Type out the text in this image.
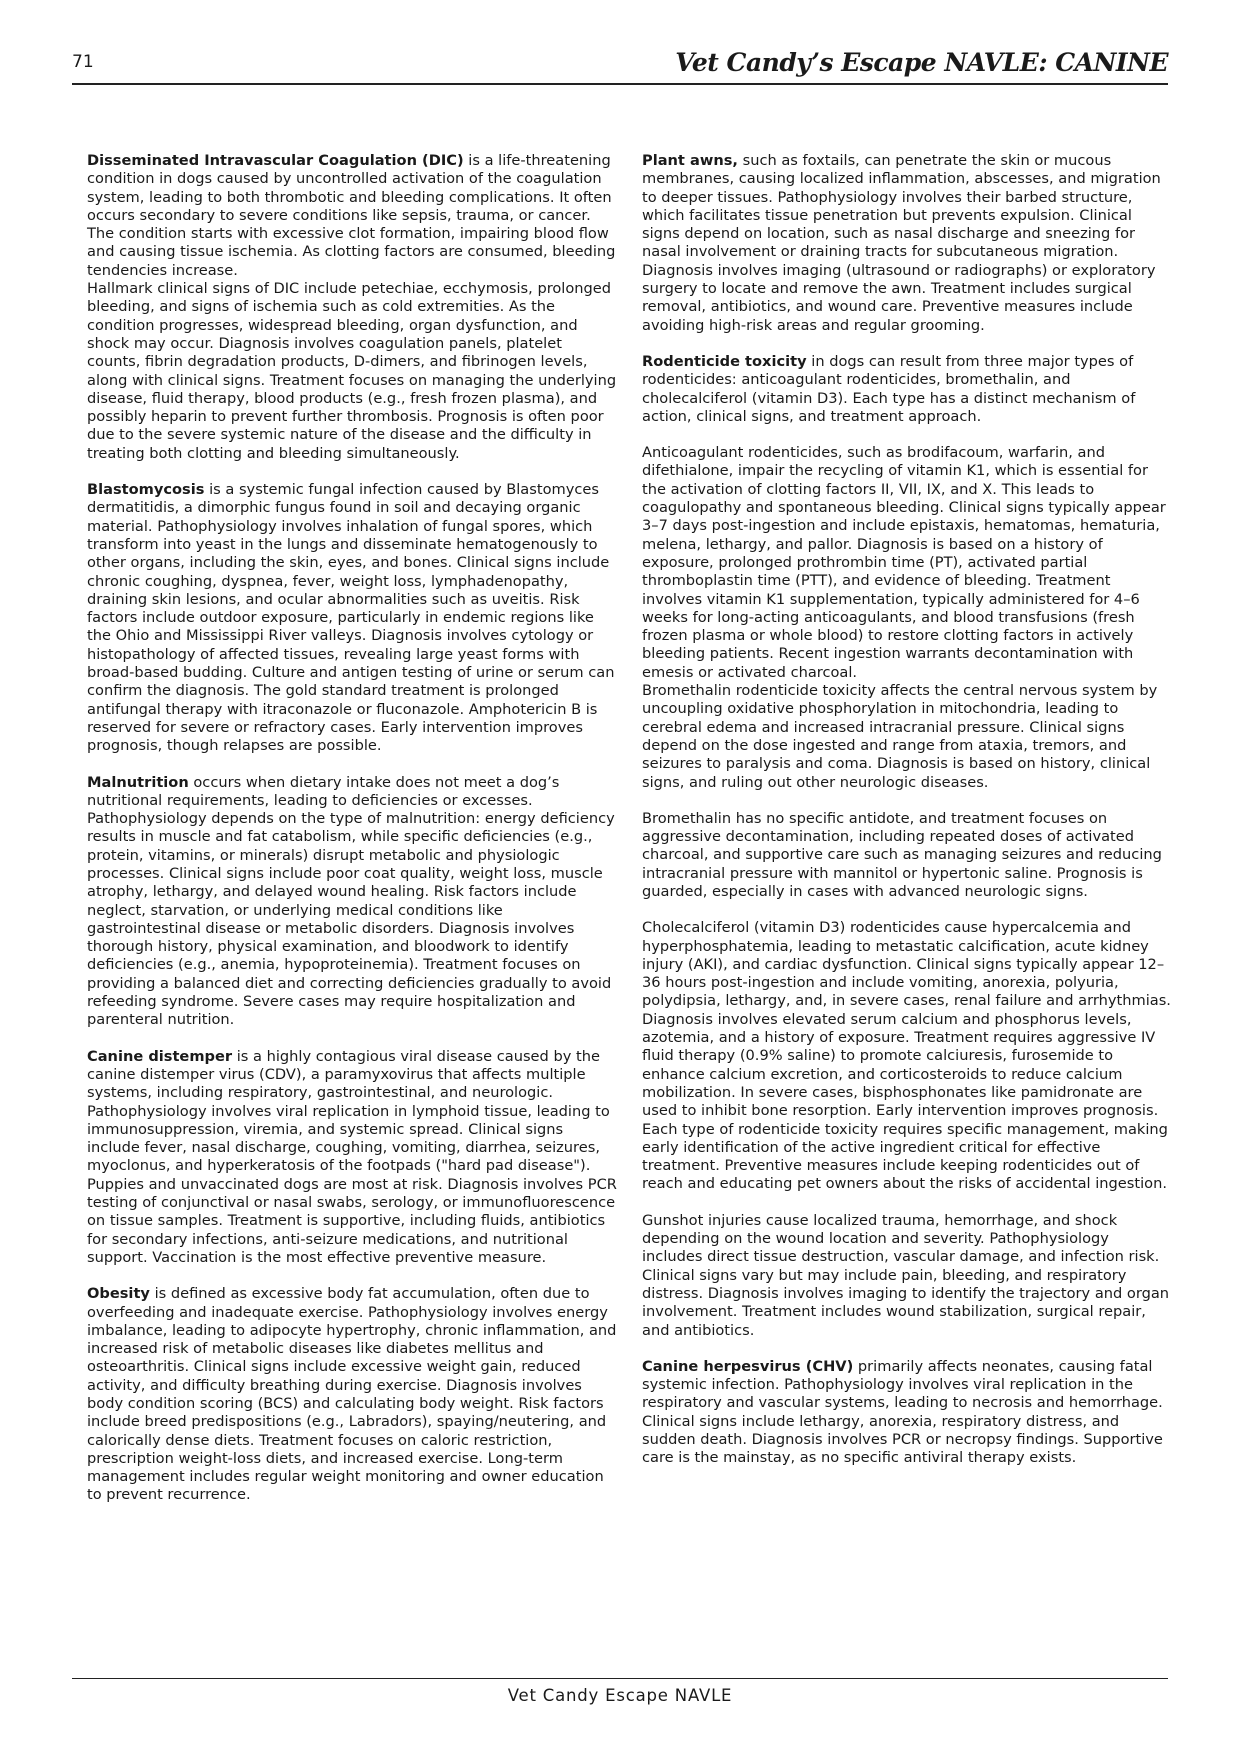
71	Vet Candy’s Escape NAVLE: CANINE

Disseminated Intravascular Coagulation (DIC) is a life-threatening condition in dogs caused by uncontrolled activation of the coagulation system, leading to both thrombotic and bleeding complications. It often occurs secondary to severe conditions like sepsis, trauma, or cancer. The condition starts with excessive clot formation, impairing blood flow and causing tissue ischemia. As clotting factors are consumed, bleeding tendencies increase.

Hallmark clinical signs of DIC include petechiae, ecchymosis, prolonged bleeding, and signs of ischemia such as cold extremities. As the condition progresses, widespread bleeding, organ dysfunction, and shock may occur. Diagnosis involves coagulation panels, platelet counts, fibrin degradation products, D-dimers, and fibrinogen levels, along with clinical signs. Treatment focuses on managing the underlying disease, fluid therapy, blood products (e.g., fresh frozen plasma), and possibly heparin to prevent further thrombosis. Prognosis is often poor due to the severe systemic nature of the disease and the difficulty in treating both clotting and bleeding simultaneously.

Blastomycosis is a systemic fungal infection caused by Blastomyces dermatitidis, a dimorphic fungus found in soil and decaying organic material. Pathophysiology involves inhalation of fungal spores, which transform into yeast in the lungs and disseminate hematogenously to other organs, including the skin, eyes, and bones. Clinical signs include chronic coughing, dyspnea, fever, weight loss, lymphadenopathy, draining skin lesions, and ocular abnormalities such as uveitis. Risk factors include outdoor exposure, particularly in endemic regions like the Ohio and Mississippi River valleys. Diagnosis involves cytology or histopathology of affected tissues, revealing large yeast forms with broad-based budding. Culture and antigen testing of urine or serum can confirm the diagnosis. The gold standard treatment is prolonged antifungal therapy with itraconazole or fluconazole. Amphotericin B is reserved for severe or refractory cases. Early intervention improves prognosis, though relapses are possible.

Malnutrition occurs when dietary intake does not meet a dog’s nutritional requirements, leading to deficiencies or excesses. Pathophysiology depends on the type of malnutrition: energy deficiency results in muscle and fat catabolism, while specific deficiencies (e.g., protein, vitamins, or minerals) disrupt metabolic and physiologic processes. Clinical signs include poor coat quality, weight loss, muscle atrophy, lethargy, and delayed wound healing. Risk factors include neglect, starvation, or underlying medical conditions like gastrointestinal disease or metabolic disorders. Diagnosis involves thorough history, physical examination, and bloodwork to identify deficiencies (e.g., anemia, hypoproteinemia). Treatment focuses on providing a balanced diet and correcting deficiencies gradually to avoid refeeding syndrome. Severe cases may require hospitalization and parenteral nutrition.

Canine distemper is a highly contagious viral disease caused by the canine distemper virus (CDV), a paramyxovirus that affects multiple systems, including respiratory, gastrointestinal, and neurologic. Pathophysiology involves viral replication in lymphoid tissue, leading to immunosuppression, viremia, and systemic spread. Clinical signs include fever, nasal discharge, coughing, vomiting, diarrhea, seizures, myoclonus, and hyperkeratosis of the footpads ("hard pad disease"). Puppies and unvaccinated dogs are most at risk. Diagnosis involves PCR testing of conjunctival or nasal swabs, serology, or immunofluorescence on tissue samples. Treatment is supportive, including fluids, antibiotics for secondary infections, anti-seizure medications, and nutritional support. Vaccination is the most effective preventive measure.

Obesity is defined as excessive body fat accumulation, often due to overfeeding and inadequate exercise. Pathophysiology involves energy imbalance, leading to adipocyte hypertrophy, chronic inflammation, and increased risk of metabolic diseases like diabetes mellitus and osteoarthritis. Clinical signs include excessive weight gain, reduced activity, and difficulty breathing during exercise. Diagnosis involves body condition scoring (BCS) and calculating body weight. Risk factors include breed predispositions (e.g., Labradors), spaying/neutering, and calorically dense diets. Treatment focuses on caloric restriction, prescription weight-loss diets, and increased exercise. Long-term management includes regular weight monitoring and owner education to prevent recurrence.

Plant awns, such as foxtails, can penetrate the skin or mucous membranes, causing localized inflammation, abscesses, and migration to deeper tissues. Pathophysiology involves their barbed structure, which facilitates tissue penetration but prevents expulsion. Clinical signs depend on location, such as nasal discharge and sneezing for nasal involvement or draining tracts for subcutaneous migration. Diagnosis involves imaging (ultrasound or radiographs) or exploratory surgery to locate and remove the awn. Treatment includes surgical removal, antibiotics, and wound care. Preventive measures include avoiding high-risk areas and regular grooming.

Rodenticide toxicity in dogs can result from three major types of rodenticides: anticoagulant rodenticides, bromethalin, and cholecalciferol (vitamin D3). Each type has a distinct mechanism of action, clinical signs, and treatment approach.

Anticoagulant rodenticides, such as brodifacoum, warfarin, and difethialone, impair the recycling of vitamin K1, which is essential for the activation of clotting factors II, VII, IX, and X. This leads to coagulopathy and spontaneous bleeding. Clinical signs typically appear 3–7 days post-ingestion and include epistaxis, hematomas, hematuria, melena, lethargy, and pallor. Diagnosis is based on a history of exposure, prolonged prothrombin time (PT), activated partial thromboplastin time (PTT), and evidence of bleeding. Treatment involves vitamin K1 supplementation, typically administered for 4–6 weeks for long-acting anticoagulants, and blood transfusions (fresh frozen plasma or whole blood) to restore clotting factors in actively bleeding patients. Recent ingestion warrants decontamination with emesis or activated charcoal.

Bromethalin rodenticide toxicity affects the central nervous system by uncoupling oxidative phosphorylation in mitochondria, leading to cerebral edema and increased intracranial pressure. Clinical signs depend on the dose ingested and range from ataxia, tremors, and seizures to paralysis and coma. Diagnosis is based on history, clinical signs, and ruling out other neurologic diseases.

Bromethalin has no specific antidote, and treatment focuses on aggressive decontamination, including repeated doses of activated charcoal, and supportive care such as managing seizures and reducing intracranial pressure with mannitol or hypertonic saline. Prognosis is guarded, especially in cases with advanced neurologic signs.

Cholecalciferol (vitamin D3) rodenticides cause hypercalcemia and hyperphosphatemia, leading to metastatic calcification, acute kidney injury (AKI), and cardiac dysfunction. Clinical signs typically appear 12–36 hours post-ingestion and include vomiting, anorexia, polyuria, polydipsia, lethargy, and, in severe cases, renal failure and arrhythmias. Diagnosis involves elevated serum calcium and phosphorus levels, azotemia, and a history of exposure. Treatment requires aggressive IV fluid therapy (0.9% saline) to promote calciuresis, furosemide to enhance calcium excretion, and corticosteroids to reduce calcium mobilization. In severe cases, bisphosphonates like pamidronate are used to inhibit bone resorption. Early intervention improves prognosis. Each type of rodenticide toxicity requires specific management, making early identification of the active ingredient critical for effective treatment. Preventive measures include keeping rodenticides out of reach and educating pet owners about the risks of accidental ingestion.

Gunshot injuries cause localized trauma, hemorrhage, and shock depending on the wound location and severity. Pathophysiology includes direct tissue destruction, vascular damage, and infection risk. Clinical signs vary but may include pain, bleeding, and respiratory distress. Diagnosis involves imaging to identify the trajectory and organ involvement. Treatment includes wound stabilization, surgical repair, and antibiotics.

Canine herpesvirus (CHV) primarily affects neonates, causing fatal systemic infection. Pathophysiology involves viral replication in the respiratory and vascular systems, leading to necrosis and hemorrhage. Clinical signs include lethargy, anorexia, respiratory distress, and sudden death. Diagnosis involves PCR or necropsy findings. Supportive care is the mainstay, as no specific antiviral therapy exists.

Vet Candy Escape NAVLE
